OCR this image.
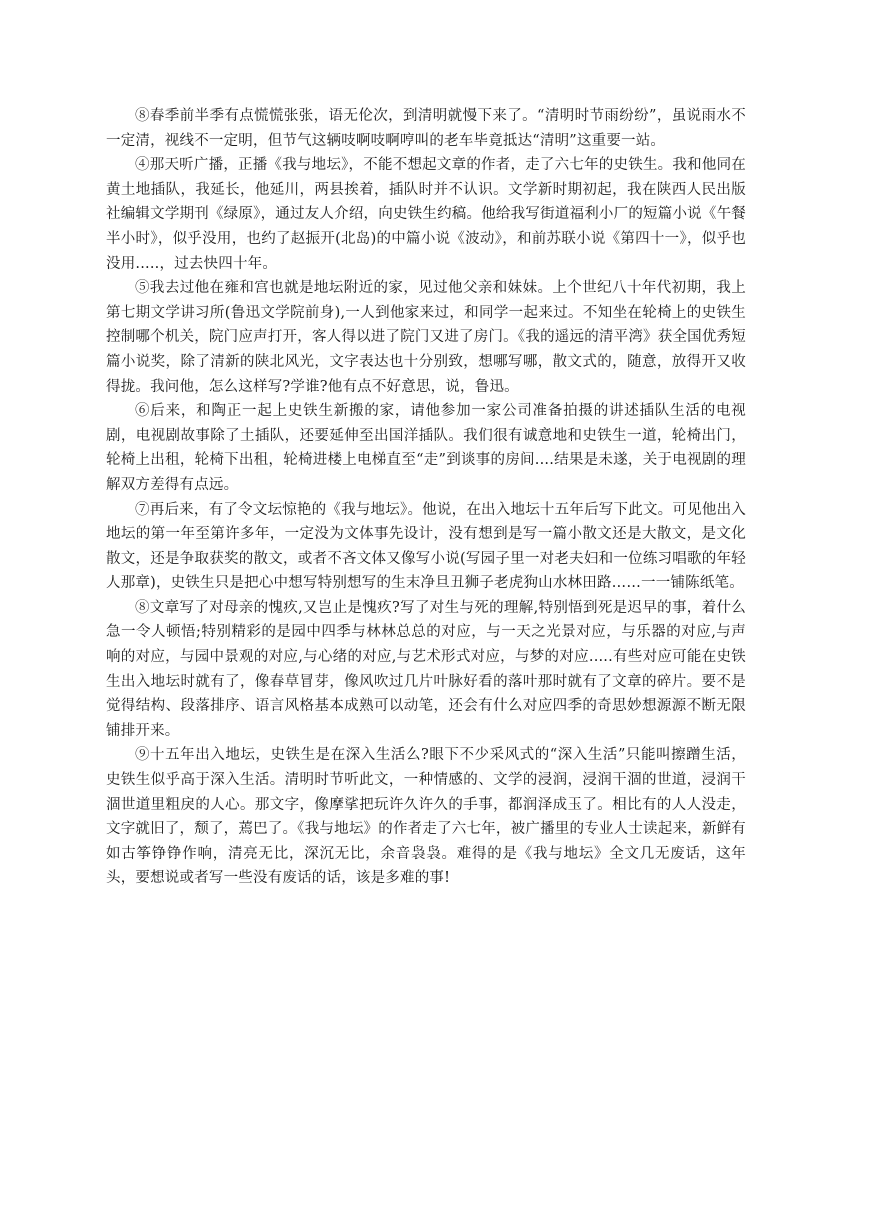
⑧春季前半季有点慌慌张张，语无伦次，到清明就慢下来了。“清明时节雨纷纷”，虽说雨水不一定清，视线不一定明，但节气这辆吱啊吱啊哼叫的老车毕竟抵达“清明”这重要一站。

④那天听广播，正播《我与地坛》，不能不想起文章的作者，走了六七年的史铁生。我和他同在黄土地插队，我延长，他延川，两县挨着，插队时并不认识。文学新时期初起，我在陕西人民出版社编辑文学期刊《绿原》，通过友人介绍，向史铁生约稿。他给我写街道福利小厂的短篇小说《午餐半小时》，似乎没用，也约了赵振开(北岛)的中篇小说《波动》，和前苏联小说《第四十一》，似乎也没用.....，过去快四十年。

⑤我去过他在雍和宫也就是地坛附近的家，见过他父亲和妹妹。上个世纪八十年代初期，我上第七期文学讲习所(鲁迅文学院前身),一人到他家来过，和同学一起来过。不知坐在轮椅上的史铁生控制哪个机关，院门应声打开，客人得以进了院门又进了房门。《我的遥远的清平湾》获全国优秀短篇小说奖，除了清新的陕北风光，文字表达也十分别致，想哪写哪，散文式的，随意，放得开又收得拢。我问他，怎么这样写?学谁?他有点不好意思，说，鲁迅。

⑥后来，和陶正一起上史铁生新搬的家，请他参加一家公司准备拍摄的讲述插队生活的电视剧，电视剧故事除了土插队，还要延伸至出国洋插队。我们很有诚意地和史铁生一道，轮椅出门，轮椅上出租，轮椅下出租，轮椅进楼上电梯直至“走”到谈事的房间....结果是未遂，关于电视剧的理解双方差得有点远。

⑦再后来，有了令文坛惊艳的《我与地坛》。他说，在出入地坛十五年后写下此文。可见他出入地坛的第一年至第许多年，一定没为文体事先设计，没有想到是写一篇小散文还是大散文，是文化散文，还是争取获奖的散文，或者不吝文体又像写小说(写园子里一对老夫妇和一位练习唱歌的年轻人那章)，史铁生只是把心中想写特别想写的生末净旦丑狮子老虎狗山水林田路……一一铺陈纸笔。

⑧文章写了对母亲的愧疚,又岂止是愧疚?写了对生与死的理解,特别悟到死是迟早的事，着什么急一令人顿悟;特别精彩的是园中四季与林林总总的对应，与一天之光景对应，与乐器的对应,与声响的对应，与园中景观的对应,与心绪的对应,与艺术形式对应，与梦的对应.....有些对应可能在史铁生出入地坛时就有了，像春草冒芽，像风吹过几片叶脉好看的落叶那时就有了文章的碎片。要不是觉得结构、段落排序、语言风格基本成熟可以动笔，还会有什么对应四季的奇思妙想源源不断无限铺排开来。

⑨十五年出入地坛，史铁生是在深入生活么?眼下不少采风式的“深入生活”只能叫擦蹭生活，史铁生似乎高于深入生活。清明时节听此文，一种情感的、文学的浸润，浸润干涸的世道，浸润干涸世道里粗戾的人心。那文字，像摩挲把玩许久许久的手事，都润泽成玉了。相比有的人人没走，文字就旧了，颓了，蔫巴了。《我与地坛》的作者走了六七年，被广播里的专业人士读起来，新鲜有如古筝铮铮作响，清亮无比，深沉无比，余音袅袅。难得的是《我与地坛》全文几无废话，这年头，要想说或者写一些没有废话的话，该是多难的事!
